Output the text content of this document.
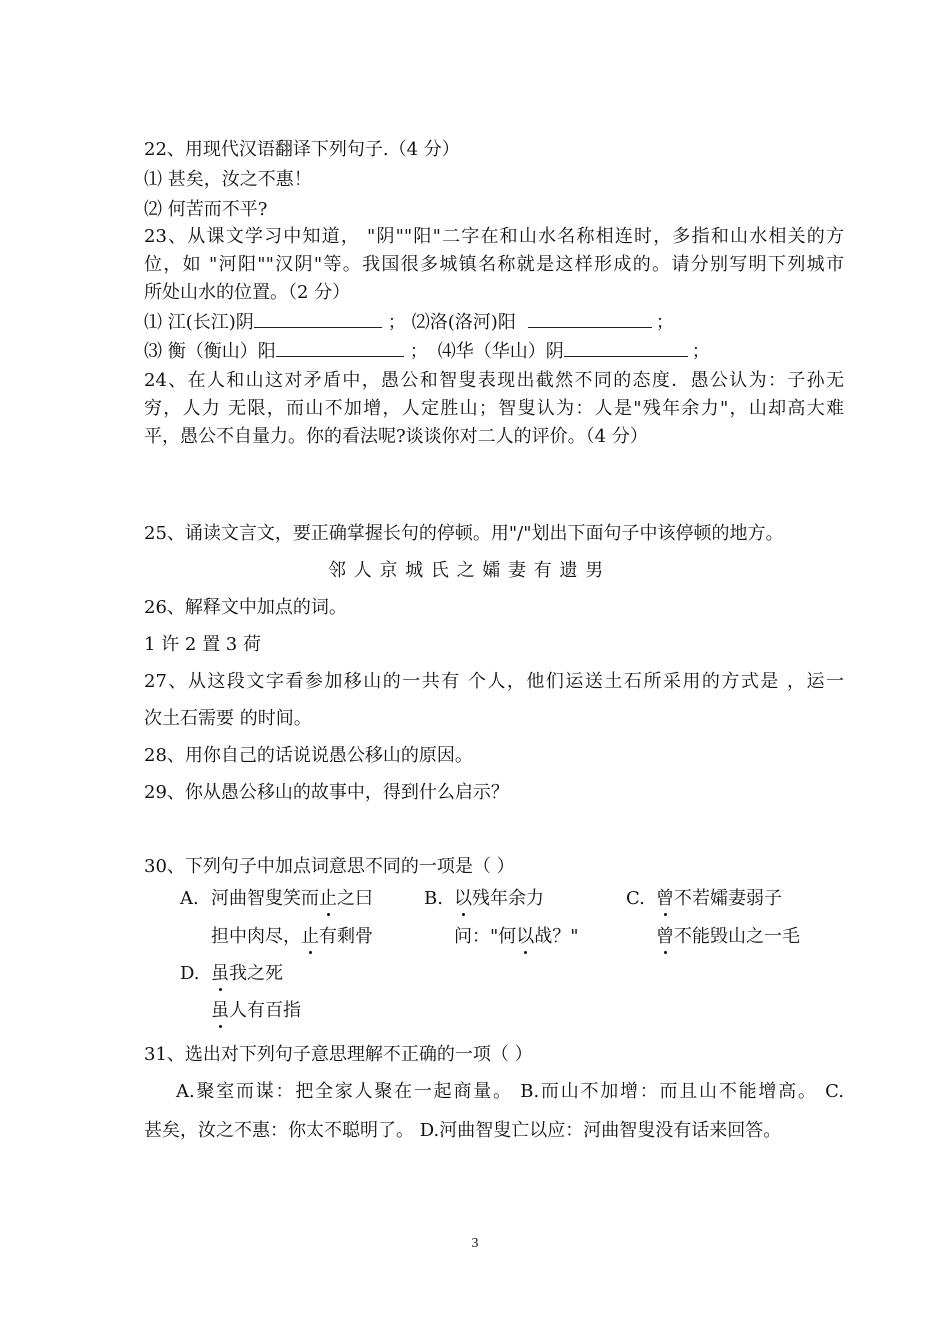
22、用现代汉语翻译下列句子.（4 分）
⑴ 甚矣，汝之不惠！
⑵ 何苦而不平?
23、从课文学习中知道， "阴""阳"二字在和山水名称相连时，多指和山水相关的方
位，如 "河阳""汉阴"等。我国很多城镇名称就是这样形成的。请分别写明下列城市
所处山水的位置。（2 分）
⑴ 江(长江)阴	； ⑵洛(洛河)阳	；
⑶ 衡（衡山）阳	； ⑷华（华山）阴	；
24、在人和山这对矛盾中，愚公和智叟表现出截然不同的态度．愚公认为：子孙无
穷，人力 无限，而山不加增，人定胜山；智叟认为：人是"残年余力"，山却高大难
平，愚公不自量力。你的看法呢?谈谈你对二人的评价。（4 分）
25、诵读文言文，要正确掌握长句的停顿。用"/"划出下面句子中该停顿的地方。
邻 人 京 城 氏 之 孀 妻 有 遗 男
26、解释文中加点的词。
1 许 2 置 3 荷
27、从这段文字看参加移山的一共有 个人，他们运送土石所采用的方式是 ，运一
次土石需要 的时间。
28、用你自己的话说说愚公移山的原因。
29、你从愚公移山的故事中，得到什么启示？
30、下列句子中加点词意思不同的一项是（ ）
A. 河曲智叟笑而止之曰
担中肉尽，止有剩骨
B. 以残年余力
问："何以战？"
C. 曾不若孀妻弱子
曾不能毁山之一毛
D. 虽我之死
虽人有百指
31、选出对下列句子意思理解不正确的一项（ ）
A.聚室而谋：把全家人聚在一起商量。 B.而山不加增：而且山不能增高。 C.
甚矣，汝之不惠：你太不聪明了。 D.河曲智叟亡以应：河曲智叟没有话来回答。
3
